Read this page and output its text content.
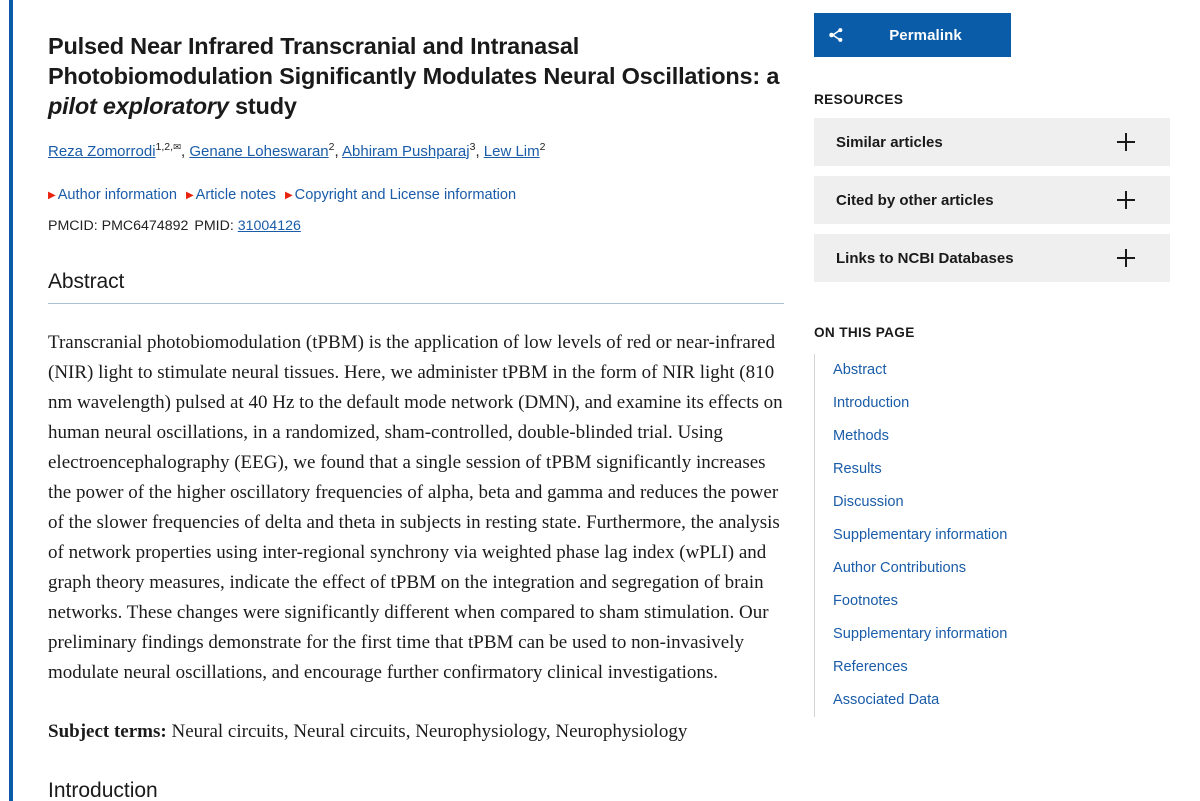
Pulsed Near Infrared Transcranial and Intranasal Photobiomodulation Significantly Modulates Neural Oscillations: a pilot exploratory study
Reza Zomorrodi$^{1,2,✉}$, Genane Loheswaran$^2$, Abhiram Pushparaj$^3$, Lew Lim$^2$
▶ Author information ▶ Article notes ▶ Copyright and License information
PMCID: PMC6474892 PMID: 31004126
Abstract

Transcranial photobiomodulation (tPBM) is the application of low levels of red or near-infrared (NIR) light to stimulate neural tissues. Here, we administer tPBM in the form of NIR light (810 nm wavelength) pulsed at 40 Hz to the default mode network (DMN), and examine its effects on human neural oscillations, in a randomized, sham-controlled, double-blinded trial. Using electroencephalography (EEG), we found that a single session of tPBM significantly increases the power of the higher oscillatory frequencies of alpha, beta and gamma and reduces the power of the slower frequencies of delta and theta in subjects in resting state. Furthermore, the analysis of network properties using inter-regional synchrony via weighted phase lag index (wPLI) and graph theory measures, indicate the effect of tPBM on the integration and segregation of brain networks. These changes were significantly different when compared to sham stimulation. Our preliminary findings demonstrate for the first time that tPBM can be used to non-invasively modulate neural oscillations, and encourage further confirmatory clinical investigations.

Subject terms: Neural circuits, Neural circuits, Neurophysiology, Neurophysiology

Introduction
Permalink
RESOURCES
Similar articles
Cited by other articles
Links to NCBI Databases
ON THIS PAGE
Abstract
Introduction
Methods
Results
Discussion
Supplementary information
Author Contributions
Footnotes
Supplementary information
References
Associated Data
